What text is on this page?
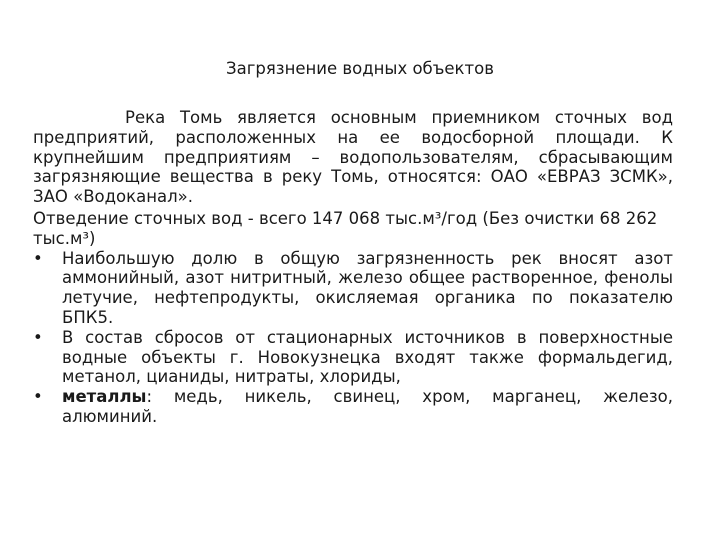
Загрязнение водных объектов

Река Томь является основным приемником сточных вод предприятий, расположенных на ее водосборной площади. К крупнейшим предприятиям – водопользователям, сбрасывающим загрязняющие вещества в реку Томь, относятся: ОАО «ЕВРАЗ ЗСМК», ЗАО «Водоканал».

Отведение сточных вод - всего 147 068 тыс.м³/год (Без очистки 68 262 тыс.м³)

• Наибольшую долю в общую загрязненность рек вносят азот аммонийный, азот нитритный, железо общее растворенное, фенолы летучие, нефтепродукты, окисляемая органика по показателю БПК5.
• В состав сбросов от стационарных источников в поверхностные водные объекты г. Новокузнецка входят также формальдегид, метанол, цианиды, нитраты, хлориды,
• металлы: медь, никель, свинец, хром, марганец, железо, алюминий.
